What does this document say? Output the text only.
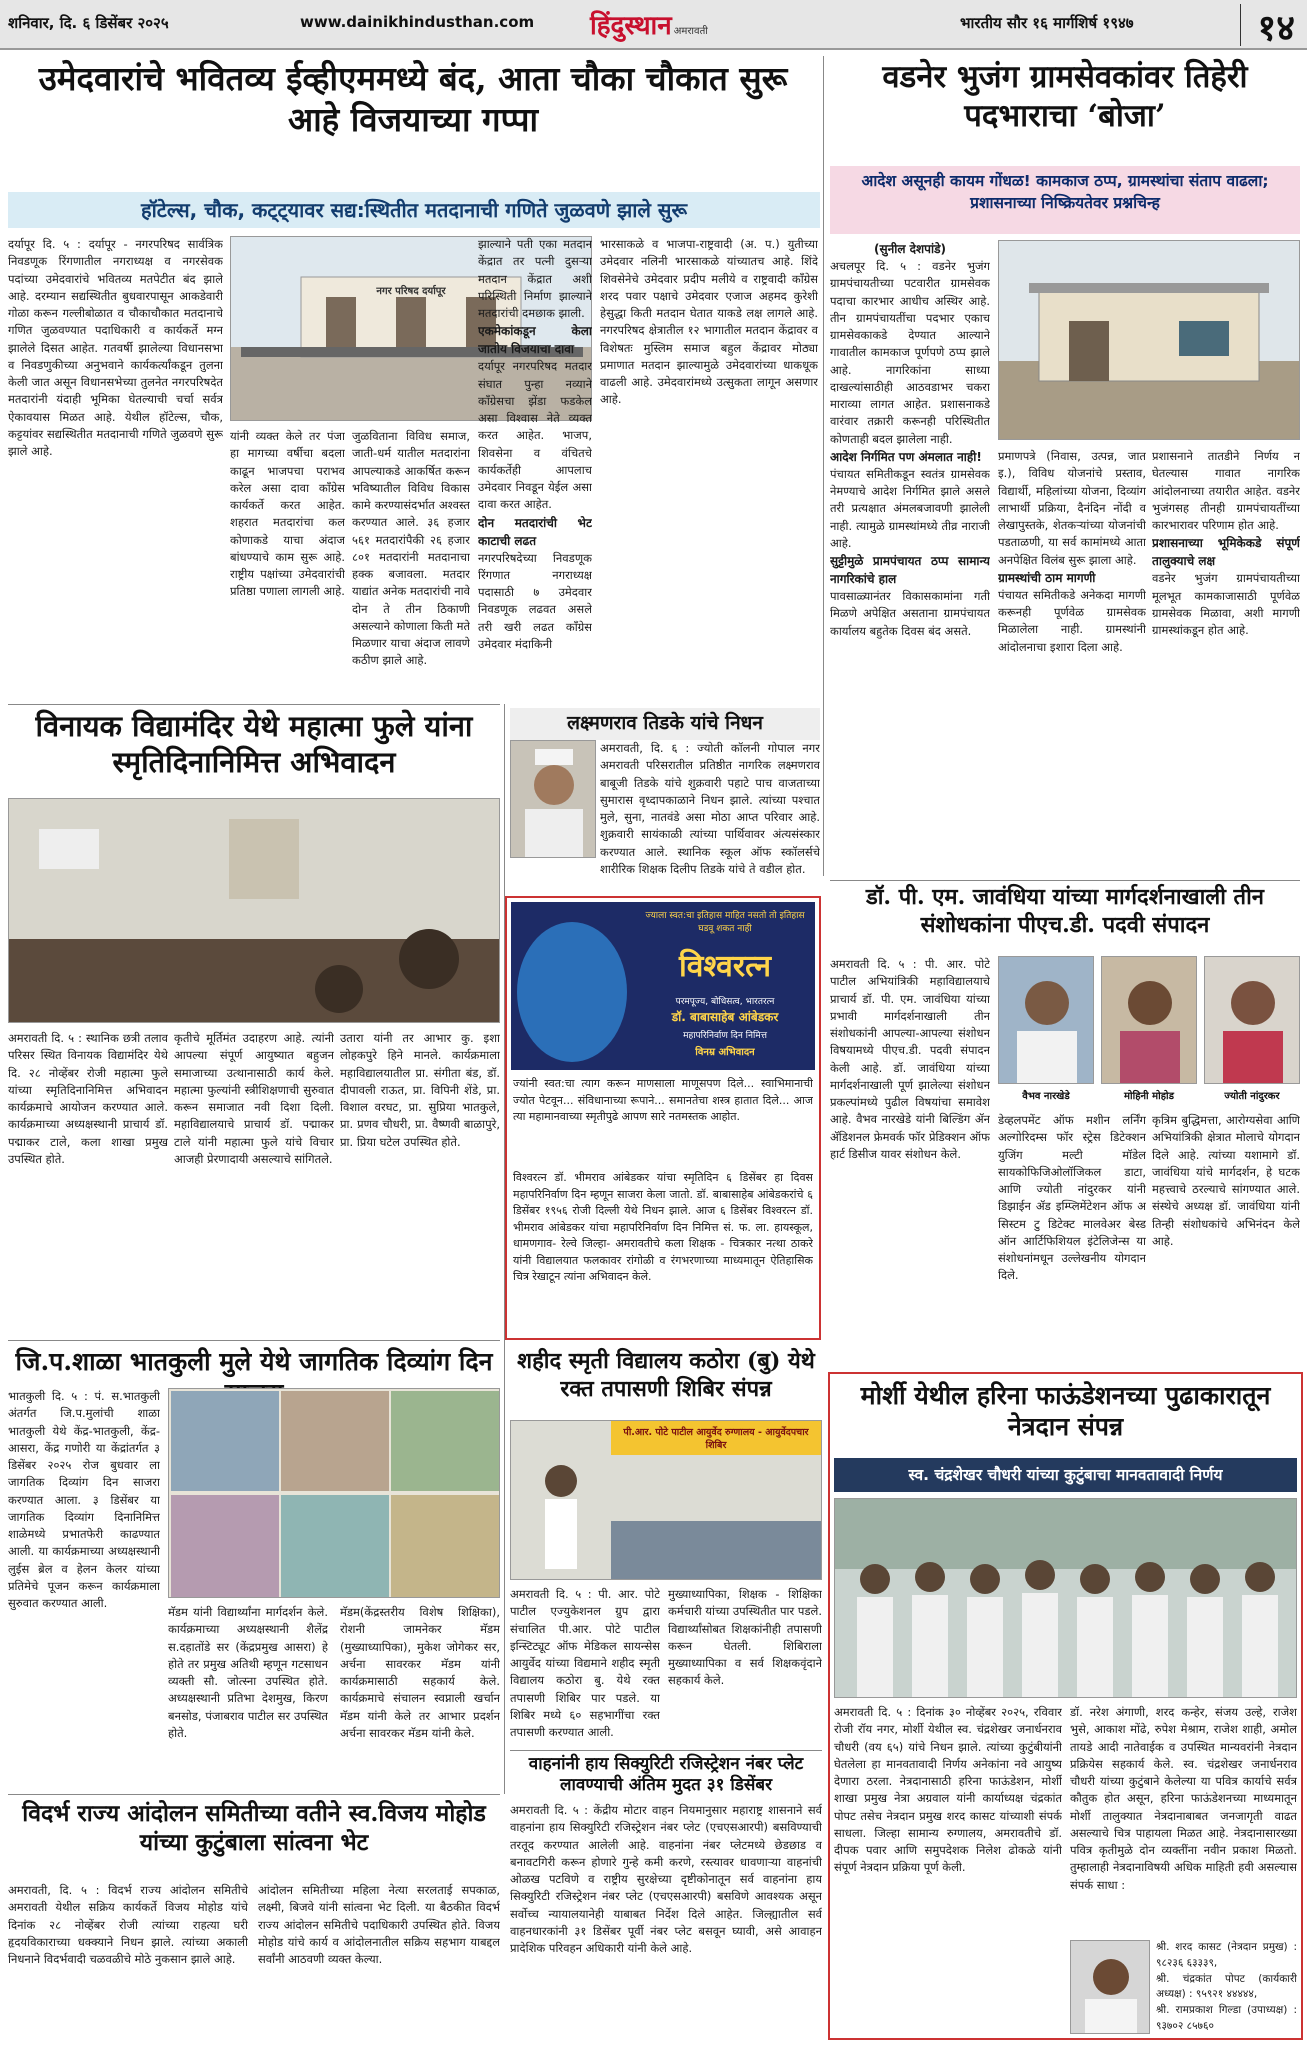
शनिवार, दि. ६ डिसेंबर २०२५	www.dainikhindusthan.com हिंदुस्थान अमरावती	भारतीय सौर १६ मार्गशिर्ष १९४७	१४
उमेदवारांचे भवितव्य ईव्हीएममध्ये बंद, आता चौका चौकात सुरू आहे विजयाच्या गप्पा
हॉटेल्स, चौक, कट्ट्यावर सद्य:स्थितीत मतदानाची गणिते जुळवणे झाले सुरू
नगर परिषद दर्यापूर
दर्यापूर दि. ५ : दर्यापूर - नगरपरिषद सार्वत्रिक निवडणूक रिंगणातील नगराध्यक्ष व नगरसेवक पदांच्या उमेदवारांचे भवितव्य मतपेटीत बंद झाले आहे. दरम्यान सद्यस्थितीत बुधवारपासून आकडेवारी गोळा करून गल्लीबोळात व चौकाचौकात मतदानाचे गणित जुळवण्यात पदाधिकारी व कार्यकर्ते मग्न झालेले दिसत आहेत. गतवर्षी झालेल्या विधानसभा व निवडणुकीच्या अनुभवाने कार्यकर्त्यांकडून तुलना केली जात असून विधानसभेच्या तुलनेत नगरपरिषदेत मतदारांनी यंदाही भूमिका घेतल्याची चर्चा सर्वत्र ऐकावयास मिळत आहे. येथील हॉटेल्स, चौक, कट्टयांवर सद्यस्थितीत मतदानाची गणिते जुळवणे सुरू झाले आहे.
यांनी व्यक्त केले तर पंजा हा मागच्या वर्षीचा बदला काढून भाजपचा पराभव करेल असा दावा काँग्रेस कार्यकर्ते करत आहेत. शहरात मतदारांचा कल कोणाकडे याचा अंदाज बांधण्याचे काम सुरू आहे. राष्ट्रीय पक्षांच्या उमेदवारांची प्रतिष्ठा पणाला लागली आहे.
जुळविताना विविध समाज, जाती-धर्म यातील मतदारांना आपल्याकडे आकर्षित करून भविष्यातील विविध विकास कामे करण्यासंदर्भात अश्वस्त करण्यात आले. ३६ हजार ५६१ मतदारांपैकी २६ हजार ८०१ मतदारांनी मतदानाचा हक्क बजावला. मतदार याद्यांत अनेक मतदारांची नावे दोन ते तीन ठिकाणी असल्याने कोणाला किती मते मिळणार याचा अंदाज लावणे कठीण झाले आहे.
झाल्याने पती एका मतदान केंद्रात तर पत्नी दुसऱ्या मतदान केंद्रात अशी परिस्थिती निर्माण झाल्याने मतदारांची दमछाक झाली.
एकमेकांकडून केला जातोय विजयाचा दावा
दर्यापूर नगरपरिषद मतदार संघात पुन्हा नव्याने कॉंग्रेसचा झेंडा फडकेल असा विश्वास नेते व्यक्त करत आहेत. भाजप, शिवसेना व वंचितचे कार्यकर्तेही आपलाच उमेदवार निवडून येईल असा दावा करत आहेत.
दोन मतदारांची भेट काटाची लढत
नगरपरिषदेच्या निवडणूक रिंगणात नगराध्यक्ष पदासाठी ७ उमेदवार निवडणूक लढवत असले तरी खरी लढत काँग्रेस उमेदवार मंदाकिनी
भारसाकळे व भाजपा-राष्ट्रवादी (अ. प.) युतीच्या उमेदवार नलिनी भारसाकळे यांच्यातच आहे. शिंदे शिवसेनेचे उमेदवार प्रदीप मलीये व राष्ट्रवादी काँग्रेस शरद पवार पक्षाचे उमेदवार एजाज अहमद कुरेशी हेसुद्धा किती मतदान घेतात याकडे लक्ष लागले आहे. नगरपरिषद क्षेत्रातील १२ भागातील मतदान केंद्रावर व विशेषतः मुस्लिम समाज बहुल केंद्रावर मोठ्या प्रमाणात मतदान झाल्यामुळे उमेदवारांच्या धाकधूक वाढली आहे. उमेदवारांमध्ये उत्सुकता लागून असणार आहे.
वडनेर भुजंग ग्रामसेवकांवर तिहेरी पदभाराचा ‘बोजा’
आदेश असूनही कायम गोंधळ! कामकाज ठप्प, ग्रामस्थांचा संताप वाढला; प्रशासनाच्या निष्क्रियतेवर प्रश्नचिन्ह
(सुनील देशपांडे)
अचलपूर दि. ५ : वडनेर भुजंग ग्रामपंचायतीच्या पटवारीत ग्रामसेवक पदाचा कारभार आधीच अस्थिर आहे. तीन ग्रामपंचायतींचा पदभार एकाच ग्रामसेवकाकडे देण्यात आल्याने गावातील कामकाज पूर्णपणे ठप्प झाले आहे. नागरिकांना साध्या दाखल्यांसाठीही आठवडाभर चकरा माराव्या लागत आहेत. प्रशासनाकडे वारंवार तक्रारी करूनही परिस्थितीत कोणताही बदल झालेला नाही.
आदेश निर्गमित पण अंमलात नाही!
पंचायत समितीकडून स्वतंत्र ग्रामसेवक नेमण्याचे आदेश निर्गमित झाले असले तरी प्रत्यक्षात अंमलबजावणी झालेली नाही. त्यामुळे ग्रामस्थांमध्ये तीव्र नाराजी आहे.
सुट्टीमुळे प्रामपंचायत ठप्प सामान्य नागरिकांचे हाल
पावसाळ्यानंतर विकासकामांना गती मिळणे अपेक्षित असताना ग्रामपंचायत कार्यालय बहुतेक दिवस बंद असते.
प्रमाणपत्रे (निवास, उत्पन्न, जात इ.), विविध योजनांचे प्रस्ताव, विद्यार्थी, महिलांच्या योजना, दिव्यांग लाभार्थी प्रक्रिया, दैनंदिन नोंदी व लेखापुस्तके, शेतकऱ्यांच्या योजनांची पडताळणी, या सर्व कामांमध्ये आता अनपेक्षित विलंब सुरू झाला आहे.
ग्रामस्थांची ठाम मागणी
पंचायत समितीकडे अनेकदा मागणी करूनही पूर्णवेळ ग्रामसेवक मिळालेला नाही. ग्रामस्थांनी आंदोलनाचा इशारा दिला आहे.
प्रशासनाने तातडीने निर्णय न घेतल्यास गावात नागरिक आंदोलनाच्या तयारीत आहेत. वडनेर भुजंगसह तीनही ग्रामपंचायतींच्या कारभारावर परिणाम होत आहे.
प्रशासनाच्या भूमिकेकडे संपूर्ण तालुक्याचे लक्ष
वडनेर भुजंग ग्रामपंचायतीच्या मूलभूत कामकाजासाठी पूर्णवेळ ग्रामसेवक मिळावा, अशी मागणी ग्रामस्थांकडून होत आहे.
विनायक विद्यामंदिर येथे महात्मा फुले यांना स्मृतिदिनानिमित्त अभिवादन
अमरावती दि. ५ : स्थानिक छत्री तलाव परिसर स्थित विनायक विद्यामंदिर येथे दि. २८ नोव्हेंबर रोजी महात्मा फुले यांच्या स्मृतिदिनानिमित्त अभिवादन कार्यक्रमाचे आयोजन करण्यात आले. कार्यक्रमाच्या अध्यक्षस्थानी प्राचार्य डॉ. पद्माकर टाले, कला शाखा प्रमुख उपस्थित होते.
कृतीचे मूर्तिमंत उदाहरण आहे. त्यांनी आपल्या संपूर्ण आयुष्यात बहुजन समाजाच्या उत्थानासाठी कार्य केले. महात्मा फुल्यांनी स्त्रीशिक्षणाची सुरुवात करून समाजात नवी दिशा दिली. महाविद्यालयाचे प्राचार्य डॉ. पद्माकर टाले यांनी महात्मा फुले यांचे विचार आजही प्रेरणादायी असल्याचे सांगितले.
उतारा यांनी तर आभार कु. इशा लोहकपुरे हिने मानले. कार्यक्रमाला महाविद्यालयातील प्रा. संगीता बंड, डॉ. दीपावली राऊत, प्रा. विपिनी शेंडे, प्रा. विशाल वरघट, प्रा. सुप्रिया भातकुले, प्रा. प्रणव चौधरी, प्रा. वैष्णवी बाळापुरे, प्रा. प्रिया घटेल उपस्थित होते.
लक्ष्मणराव तिडके यांचे निधन
अमरावती, दि. ६ : ज्योती कॉलनी गोपाल नगर अमरावती परिसरातील प्रतिष्ठीत नागरिक लक्ष्मणराव बाबूजी तिडके यांचे शुक्रवारी पहाटे पाच वाजताच्या सुमारास वृध्दापकाळाने निधन झाले. त्यांच्या पश्चात मुले, सुना, नातवंडे असा मोठा आप्त परिवार आहे. शुक्रवारी सायंकाळी त्यांच्या पार्थिवावर अंत्यसंस्कार करण्यात आले. स्थानिक स्कूल ऑफ स्कॉलर्सचे शारीरिक शिक्षक दिलीप तिडके यांचे ते वडील होत.
ज्याला स्वत:चा इतिहास माहित नसतो तो इतिहास घडवू शकत नाही
विश्वरत्न
परमपूज्य, बोधिसत्व, भारतरत्न
डॉ. बाबासाहेब आंबेडकर
महापरिनिर्वाण दिन निमित्त
विनम्र अभिवादन
ज्यांनी स्वत:चा त्याग करून माणसाला माणूसपण दिले... स्वाभिमानाची ज्योत पेटवून... संविधानाच्या रूपाने... समानतेचा शस्त्र हातात दिले... आज त्या महामानवाच्या स्मृतीपुढे आपण सारे नतमस्तक आहोत.
विश्वरत्न डॉ. भीमराव आंबेडकर यांचा स्मृतिदिन ६ डिसेंबर हा दिवस महापरिनिर्वाण दिन म्हणून साजरा केला जातो. डॉ. बाबासाहेब आंबेडकरांचे ६ डिसेंबर १९५६ रोजी दिल्ली येथे निधन झाले. आज ६ डिसेंबर विश्वरत्न डॉ. भीमराव आंबेडकर यांचा महापरिनिर्वाण दिन निमित्त सं. फ. ला. हायस्कूल, धामणगाव- रेल्वे जिल्हा- अमरावतीचे कला शिक्षक - चित्रकार नत्था ठाकरे यांनी विद्यालयात फलकावर रांगोळी व रंगभरणाच्या माध्यमातून ऐतिहासिक चित्र रेखाटून त्यांना अभिवादन केले.
डॉ. पी. एम. जावंधिया यांच्या मार्गदर्शनाखाली तीन संशोधकांना पीएच.डी. पदवी संपादन
अमरावती दि. ५ : पी. आर. पोटे पाटील अभियांत्रिकी महाविद्यालयाचे प्राचार्य डॉ. पी. एम. जावंधिया यांच्या प्रभावी मार्गदर्शनाखाली तीन संशोधकांनी आपल्या-आपल्या संशोधन विषयामध्ये पीएच.डी. पदवी संपादन केली आहे. डॉ. जावंधिया यांच्या मार्गदर्शनाखाली पूर्ण झालेल्या संशोधन प्रकल्पांमध्ये पुढील विषयांचा समावेश आहे. वैभव नारखेडे यांनी बिल्डिंग ॲन ॲडिशनल फ्रेमवर्क फॉर प्रेडिक्शन ऑफ हार्ट डिसीज यावर संशोधन केले.
वैभव नारखेडे	मोहिनी मोहोड	ज्योती नांदुरकर
डेव्हलपमेंट ऑफ मशीन लर्निंग अल्गोरिदम्स फॉर स्ट्रेस डिटेक्शन युजिंग मल्टी मॉडेल सायकोफिजिओलॉजिकल डाटा, आणि ज्योती नांदुरकर यांनी डिझाईन ॲड इम्प्लिमेंटेशन ऑफ अ सिस्टम टु डिटेक्ट मालवेअर बेस्ड ऑन आर्टिफिशियल इंटेलिजेन्स या संशोधनांमधून उल्लेखनीय योगदान दिले.
कृत्रिम बुद्धिमत्ता, आरोग्यसेवा आणि अभियांत्रिकी क्षेत्रात मोलाचे योगदान दिले आहे. त्यांच्या यशामागे डॉ. जावंधिया यांचे मार्गदर्शन, हे घटक महत्त्वाचे ठरल्याचे सांगण्यात आले. संस्थेचे अध्यक्ष डॉ. जावंधिया यांनी तिन्ही संशोधकांचे अभिनंदन केले आहे.
मोर्शी येथील हरिना फाऊंडेशनच्या पुढाकारातून नेत्रदान संपन्न
स्व. चंद्रशेखर चौधरी यांच्या कुटुंबाचा मानवतावादी निर्णय
अमरावती दि. ५ : दिनांक ३० नोव्हेंबर २०२५, रविवार रोजी रॉय नगर, मोर्शी येथील स्व. चंद्रशेखर जनार्धनराव चौधरी (वय ६५) यांचे निधन झाले. त्यांच्या कुटुंबीयांनी घेतलेला हा मानवतावादी निर्णय अनेकांना नवे आयुष्य देणारा ठरला. नेत्रदानासाठी हरिना फाऊंडेशन, मोर्शी शाखा प्रमुख नेत्रा अग्रवाल यांनी कार्याध्यक्ष चंद्रकांत पोपट तसेच नेत्रदान प्रमुख शरद कासट यांच्याशी संपर्क साधला. जिल्हा सामान्य रुग्णालय, अमरावतीचे डॉ. दीपक पवार आणि समुपदेशक निलेश ढोकळे यांनी संपूर्ण नेत्रदान प्रक्रिया पूर्ण केली.
डॉ. नरेश अंगाणी, शरद कन्हेर, संजय उल्हे, राजेश भुसे, आकाश मोंढे, रुपेश मेश्राम, राजेश शाही, अमोल तायडे आदी नातेवाईक व उपस्थित मान्यवरांनी नेत्रदान प्रक्रियेस सहकार्य केले. स्व. चंद्रशेखर जनार्धनराव चौधरी यांच्या कुटुंबाने केलेल्या या पवित्र कार्याचे सर्वत्र कौतुक होत असून, हरिना फाऊंडेशनच्या माध्यमातून मोर्शी तालुक्यात नेत्रदानाबाबत जनजागृती वाढत असल्याचे चित्र पाहायला मिळत आहे. नेत्रदानासारख्या पवित्र कृतीमुळे दोन व्यक्तींना नवीन प्रकाश मिळतो. तुम्हालाही नेत्रदानाविषयी अधिक माहिती हवी असल्यास संपर्क साधा :
श्री. शरद कासट (नेत्रदान प्रमुख) : ९८२३६ ६३३३९,
श्री. चंद्रकांत पोपट (कार्यकारी अध्यक्ष) : ९५९२१ ४४४४४,
श्री. रामप्रकाश गिल्डा (उपाध्यक्ष) : ९३७०२ ८५७६०
जि.प.शाळा भातकुली मुले येथे जागतिक दिव्यांग दिन
भातकुली दि. ५ : पं. स.भातकुली अंतर्गत जि.प.मुलांची शाळा भातकुली येथे केंद्र-भातकुली, केंद्र-आसरा, केंद्र गणोरी या केंद्रांतर्गत ३ डिसेंबर २०२५ रोज बुधवार ला जागतिक दिव्यांग दिन साजरा करण्यात आला. ३ डिसेंबर या जागतिक दिव्यांग दिनानिमित्त शाळेमध्ये प्रभातफेरी काढण्यात आली. या कार्यक्रमाच्या अध्यक्षस्थानी लुईस ब्रेल व हेलन केलर यांच्या प्रतिमेचे पूजन करून कार्यक्रमाला सुरुवात करण्यात आली.
मॅडम यांनी विद्यार्थ्यांना मार्गदर्शन केले. कार्यक्रमाच्या अध्यक्षस्थानी शैलेंद्र स.दहातोंडे सर (केंद्रप्रमुख आसरा) हे होते तर प्रमुख अतिथी म्हणून गटसाधन व्यक्ती सौ. जोत्स्ना उपस्थित होते. अध्यक्षस्थानी प्रतिभा देशमुख, किरण बनसोड, पंजाबराव पाटील सर उपस्थित होते.
मॅडम(केंद्रस्तरीय विशेष शिक्षिका), रोशनी जामनेकर मॅडम (मुख्याध्यापिका), मुकेश जोगेकर सर, अर्चना सावरकर मॅडम यांनी कार्यक्रमासाठी सहकार्य केले. कार्यक्रमाचे संचालन स्वप्नाली खर्चान मॅडम यांनी केले तर आभार प्रदर्शन अर्चना सावरकर मॅडम यांनी केले.
शहीद स्मृती विद्यालय कठोरा (बु) येथे रक्त तपासणी शिबिर संपन्न
पी.आर. पोटे पाटील आयुर्वेद रुग्णालय - आयुर्वेदपचार शिबिर
अमरावती दि. ५ : पी. आर. पोटे पाटील एज्युकेशनल ग्रुप द्वारा संचालित पी.आर. पोटे पाटील इन्स्टिट्यूट ऑफ मेडिकल सायन्सेस आयुर्वेद यांच्या विद्यमाने शहीद स्मृती विद्यालय कठोरा बु. येथे रक्त तपासणी शिबिर पार पडले. या शिबिर मध्ये ६० सहभागींचा रक्त तपासणी करण्यात आली.
मुख्याध्यापिका, शिक्षक - शिक्षिका कर्मचारी यांच्या उपस्थितीत पार पडले. विद्यार्थ्यांसोबत शिक्षकांनीही तपासणी करून घेतली. शिबिराला मुख्याध्यापिका व सर्व शिक्षकवृंदाने सहकार्य केले.
वाहनांनी हाय सिक्युरिटी रजिस्ट्रेशन नंबर प्लेट लावण्याची अंतिम मुदत ३१ डिसेंबर
अमरावती दि. ५ : केंद्रीय मोटार वाहन नियमानुसार महाराष्ट्र शासनाने सर्व वाहनांना हाय सिक्युरिटी रजिस्ट्रेशन नंबर प्लेट (एचएसआरपी) बसविण्याची तरतूद करण्यात आलेली आहे. वाहनांना नंबर प्लेटमध्ये छेडछाड व बनावटगिरी करून होणारे गुन्हे कमी करणे, रस्त्यावर धावणाऱ्या वाहनांची ओळख पटविणे व राष्ट्रीय सुरक्षेच्या दृष्टीकोनातून सर्व वाहनांना हाय सिक्युरिटी रजिस्ट्रेशन नंबर प्लेट (एचएसआरपी) बसविणे आवश्यक असून सर्वोच्च न्यायालयानेही याबाबत निर्देश दिले आहेत. जिल्ह्यातील सर्व वाहनधारकांनी ३१ डिसेंबर पूर्वी नंबर प्लेट बसवून घ्यावी, असे आवाहन प्रादेशिक परिवहन अधिकारी यांनी केले आहे.
विदर्भ राज्य आंदोलन समितीच्या वतीने स्व.विजय मोहोड यांच्या कुटुंबाला सांत्वना भेट
अमरावती, दि. ५ : विदर्भ राज्य आंदोलन समितीचे अमरावती येथील सक्रिय कार्यकर्ते विजय मोहोड यांचे दिनांक २८ नोव्हेंबर रोजी त्यांच्या राहत्या घरी हृदयविकाराच्या धक्क्याने निधन झाले. त्यांच्या अकाली निधनाने विदर्भवादी चळवळीचे मोठे नुकसान झाले आहे.
आंदोलन समितीच्या महिला नेत्या सरलताई सपकाळ, लक्ष्मी, बिजवे यांनी सांत्वना भेट दिली. या बैठकीत विदर्भ राज्य आंदोलन समितीचे पदाधिकारी उपस्थित होते. विजय मोहोड यांचे कार्य व आंदोलनातील सक्रिय सहभाग याबद्दल सर्वांनी आठवणी व्यक्त केल्या.
